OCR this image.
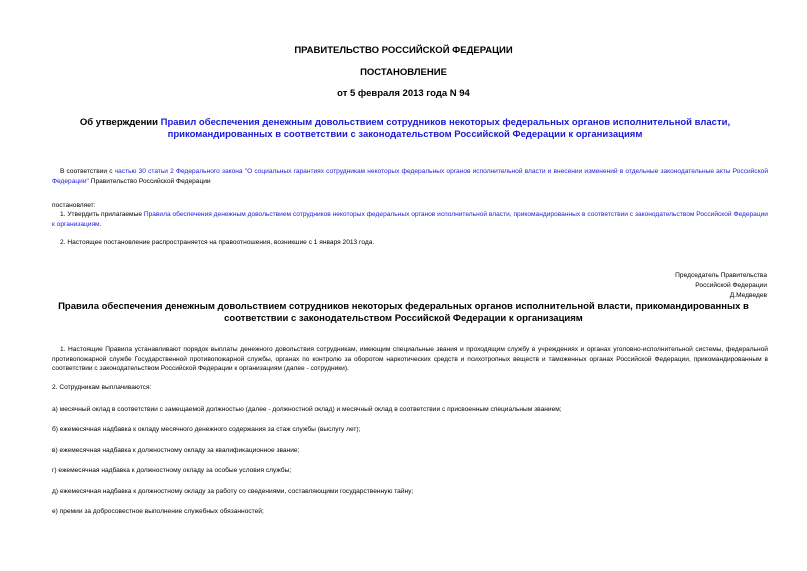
ПРАВИТЕЛЬСТВО РОССИЙСКОЙ ФЕДЕРАЦИИ
ПОСТАНОВЛЕНИЕ
от 5 февраля 2013 года N 94
Об утверждении Правил обеспечения денежным довольствием сотрудников некоторых федеральных органов исполнительной власти, прикомандированных в соответствии с законодательством Российской Федерации к организациям
В соответствии с частью 30 статьи 2 Федерального закона "О социальных гарантиях сотрудникам некоторых федеральных органов исполнительной власти и внесении изменений в отдельные законодательные акты Российской Федерации" Правительство Российской Федерации
постановляет:
1. Утвердить прилагаемые Правила обеспечения денежным довольствием сотрудников некоторых федеральных органов исполнительной власти, прикомандированных в соответствии с законодательством Российской Федерации к организациям.
2. Настоящее постановление распространяется на правоотношения, возникшие с 1 января 2013 года.
Председатель Правительства
Российской Федерации
Д.Медведев
Правила обеспечения денежным довольствием сотрудников некоторых федеральных органов исполнительной власти, прикомандированных в соответствии с законодательством Российской Федерации к организациям
1. Настоящие Правила устанавливают порядок выплаты денежного довольствия сотрудникам, имеющим специальные звания и проходящим службу в учреждениях и органах уголовно-исполнительной системы, федеральной противопожарной службе Государственной противопожарной службы, органах по контролю за оборотом наркотических средств и психотропных веществ и таможенных органах Российской Федерации, прикомандированным в соответствии с законодательством Российской Федерации к организациям (далее - сотрудники).
2. Сотрудникам выплачиваются:
а) месячный оклад в соответствии с замещаемой должностью (далее - должностной оклад) и месячный оклад в соответствии с присвоенным специальным званием;
б) ежемесячная надбавка к окладу месячного денежного содержания за стаж службы (выслугу лет);
в) ежемесячная надбавка к должностному окладу за квалификационное звание;
г) ежемесячная надбавка к должностному окладу за особые условия службы;
д) ежемесячная надбавка к должностному окладу за работу со сведениями, составляющими государственную тайну;
е) премии за добросовестное выполнение служебных обязанностей;
